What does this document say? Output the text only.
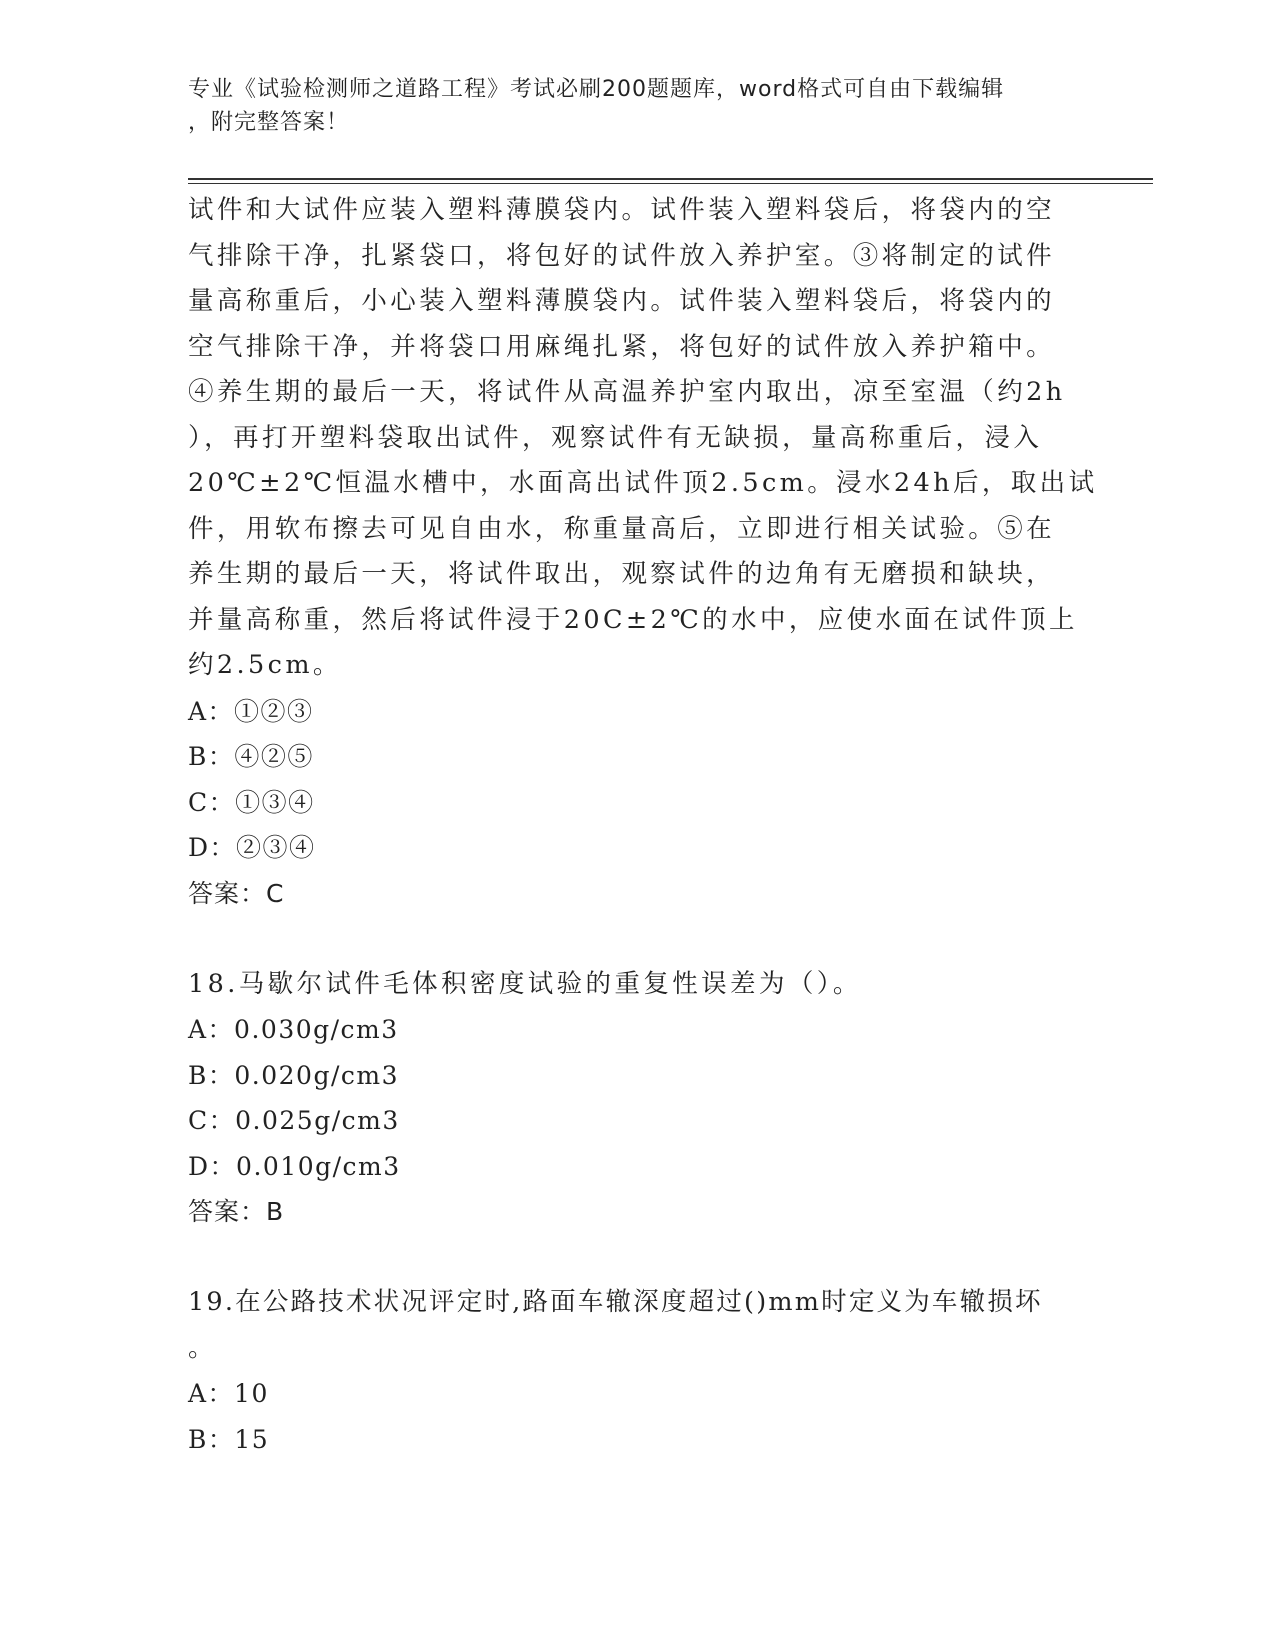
专业《试验检测师之道路工程》考试必刷200题题库，word格式可自由下载编辑
，附完整答案！
试件和大试件应装入塑料薄膜袋内。试件装入塑料袋后，将袋内的空
气排除干净，扎紧袋口，将包好的试件放入养护室。③将制定的试件
量高称重后，小心装入塑料薄膜袋内。试件装入塑料袋后，将袋内的
空气排除干净，并将袋口用麻绳扎紧，将包好的试件放入养护箱中。
④养生期的最后一天，将试件从高温养护室内取出，凉至室温（约2h
），再打开塑料袋取出试件，观察试件有无缺损，量高称重后，浸入
20℃±2℃恒温水槽中，水面高出试件顶2.5cm。浸水24h后，取出试
件，用软布擦去可见自由水，称重量高后，立即进行相关试验。⑤在
养生期的最后一天，将试件取出，观察试件的边角有无磨损和缺块，
并量高称重，然后将试件浸于20C±2℃的水中，应使水面在试件顶上
约2.5cm。
A：①②③
B：④②⑤
C：①③④
D：②③④
答案：C
18.马歇尔试件毛体积密度试验的重复性误差为（）。
A：0.030g/cm3
B：0.020g/cm3
C：0.025g/cm3
D：0.010g/cm3
答案：B
19.在公路技术状况评定时,路面车辙深度超过()mm时定义为车辙损坏
。
A：10
B：15
